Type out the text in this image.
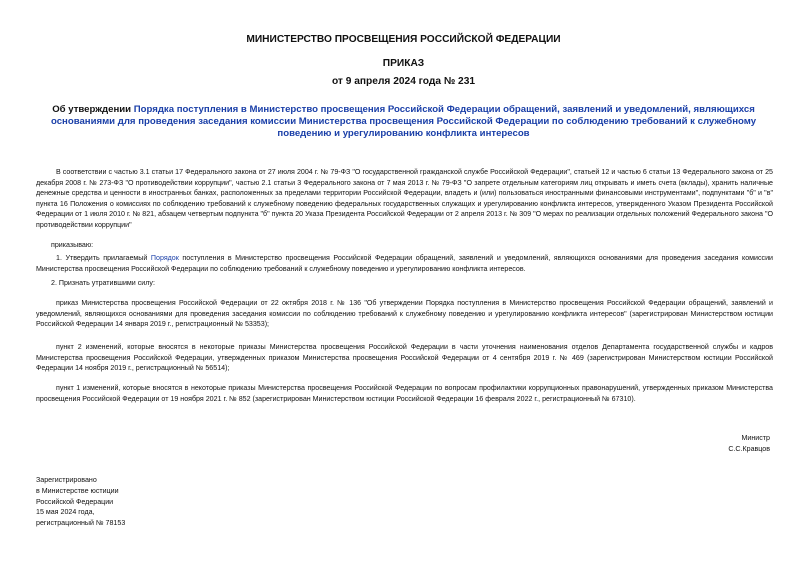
МИНИСТЕРСТВО ПРОСВЕЩЕНИЯ РОССИЙСКОЙ ФЕДЕРАЦИИ
ПРИКАЗ
от 9 апреля 2024 года № 231
Об утверждении Порядка поступления в Министерство просвещения Российской Федерации обращений, заявлений и уведомлений, являющихся основаниями для проведения заседания комиссии Министерства просвещения Российской Федерации по соблюдению требований к служебному поведению и урегулированию конфликта интересов

В соответствии с частью 3.1 статьи 17 Федерального закона от 27 июля 2004 г. № 79-ФЗ "О государственной гражданской службе Российской Федерации", статьей 12 и частью 6 статьи 13 Федерального закона от 25 декабря 2008 г. № 273-ФЗ "О противодействии коррупции", частью 2.1 статьи 3 Федерального закона от 7 мая 2013 г. № 79-ФЗ "О запрете отдельным категориям лиц открывать и иметь счета (вклады), хранить наличные денежные средства и ценности в иностранных банках, расположенных за пределами территории Российской Федерации, владеть и (или) пользоваться иностранными финансовыми инструментами", подпунктами "б" и "в" пункта 16 Положения о комиссиях по соблюдению требований к служебному поведению федеральных государственных служащих и урегулированию конфликта интересов, утвержденного Указом Президента Российской Федерации от 1 июля 2010 г. № 821, абзацем четвертым подпункта "б" пункта 20 Указа Президента Российской Федерации от 2 апреля 2013 г. № 309 "О мерах по реализации отдельных положений Федерального закона "О противодействии коррупции"

приказываю:

1. Утвердить прилагаемый Порядок поступления в Министерство просвещения Российской Федерации обращений, заявлений и уведомлений, являющихся основаниями для проведения заседания комиссии Министерства просвещения Российской Федерации по соблюдению требований к служебному поведению и урегулированию конфликта интересов.

2. Признать утратившими силу:

приказ Министерства просвещения Российской Федерации от 22 октября 2018 г. № 136 "Об утверждении Порядка поступления в Министерство просвещения Российской Федерации обращений, заявлений и уведомлений, являющихся основаниями для проведения заседания комиссии по соблюдению требований к служебному поведению и урегулированию конфликта интересов" (зарегистрирован Министерством юстиции Российской Федерации 14 января 2019 г., регистрационный № 53353);

пункт 2 изменений, которые вносятся в некоторые приказы Министерства просвещения Российской Федерации в части уточнения наименования отделов Департамента государственной службы и кадров Министерства просвещения Российской Федерации, утвержденных приказом Министерства просвещения Российской Федерации от 4 сентября 2019 г. № 469 (зарегистрирован Министерством юстиции Российской Федерации 14 ноября 2019 г., регистрационный № 56514);

пункт 1 изменений, которые вносятся в некоторые приказы Министерства просвещения Российской Федерации по вопросам профилактики коррупционных правонарушений, утвержденных приказом Министерства просвещения Российской Федерации от 19 ноября 2021 г. № 852 (зарегистрирован Министерством юстиции Российской Федерации 16 февраля 2022 г., регистрационный № 67310).

Министр
С.С.Кравцов
Зарегистрировано
в Министерстве юстиции
Российской Федерации
15 мая 2024 года,
регистрационный № 78153
